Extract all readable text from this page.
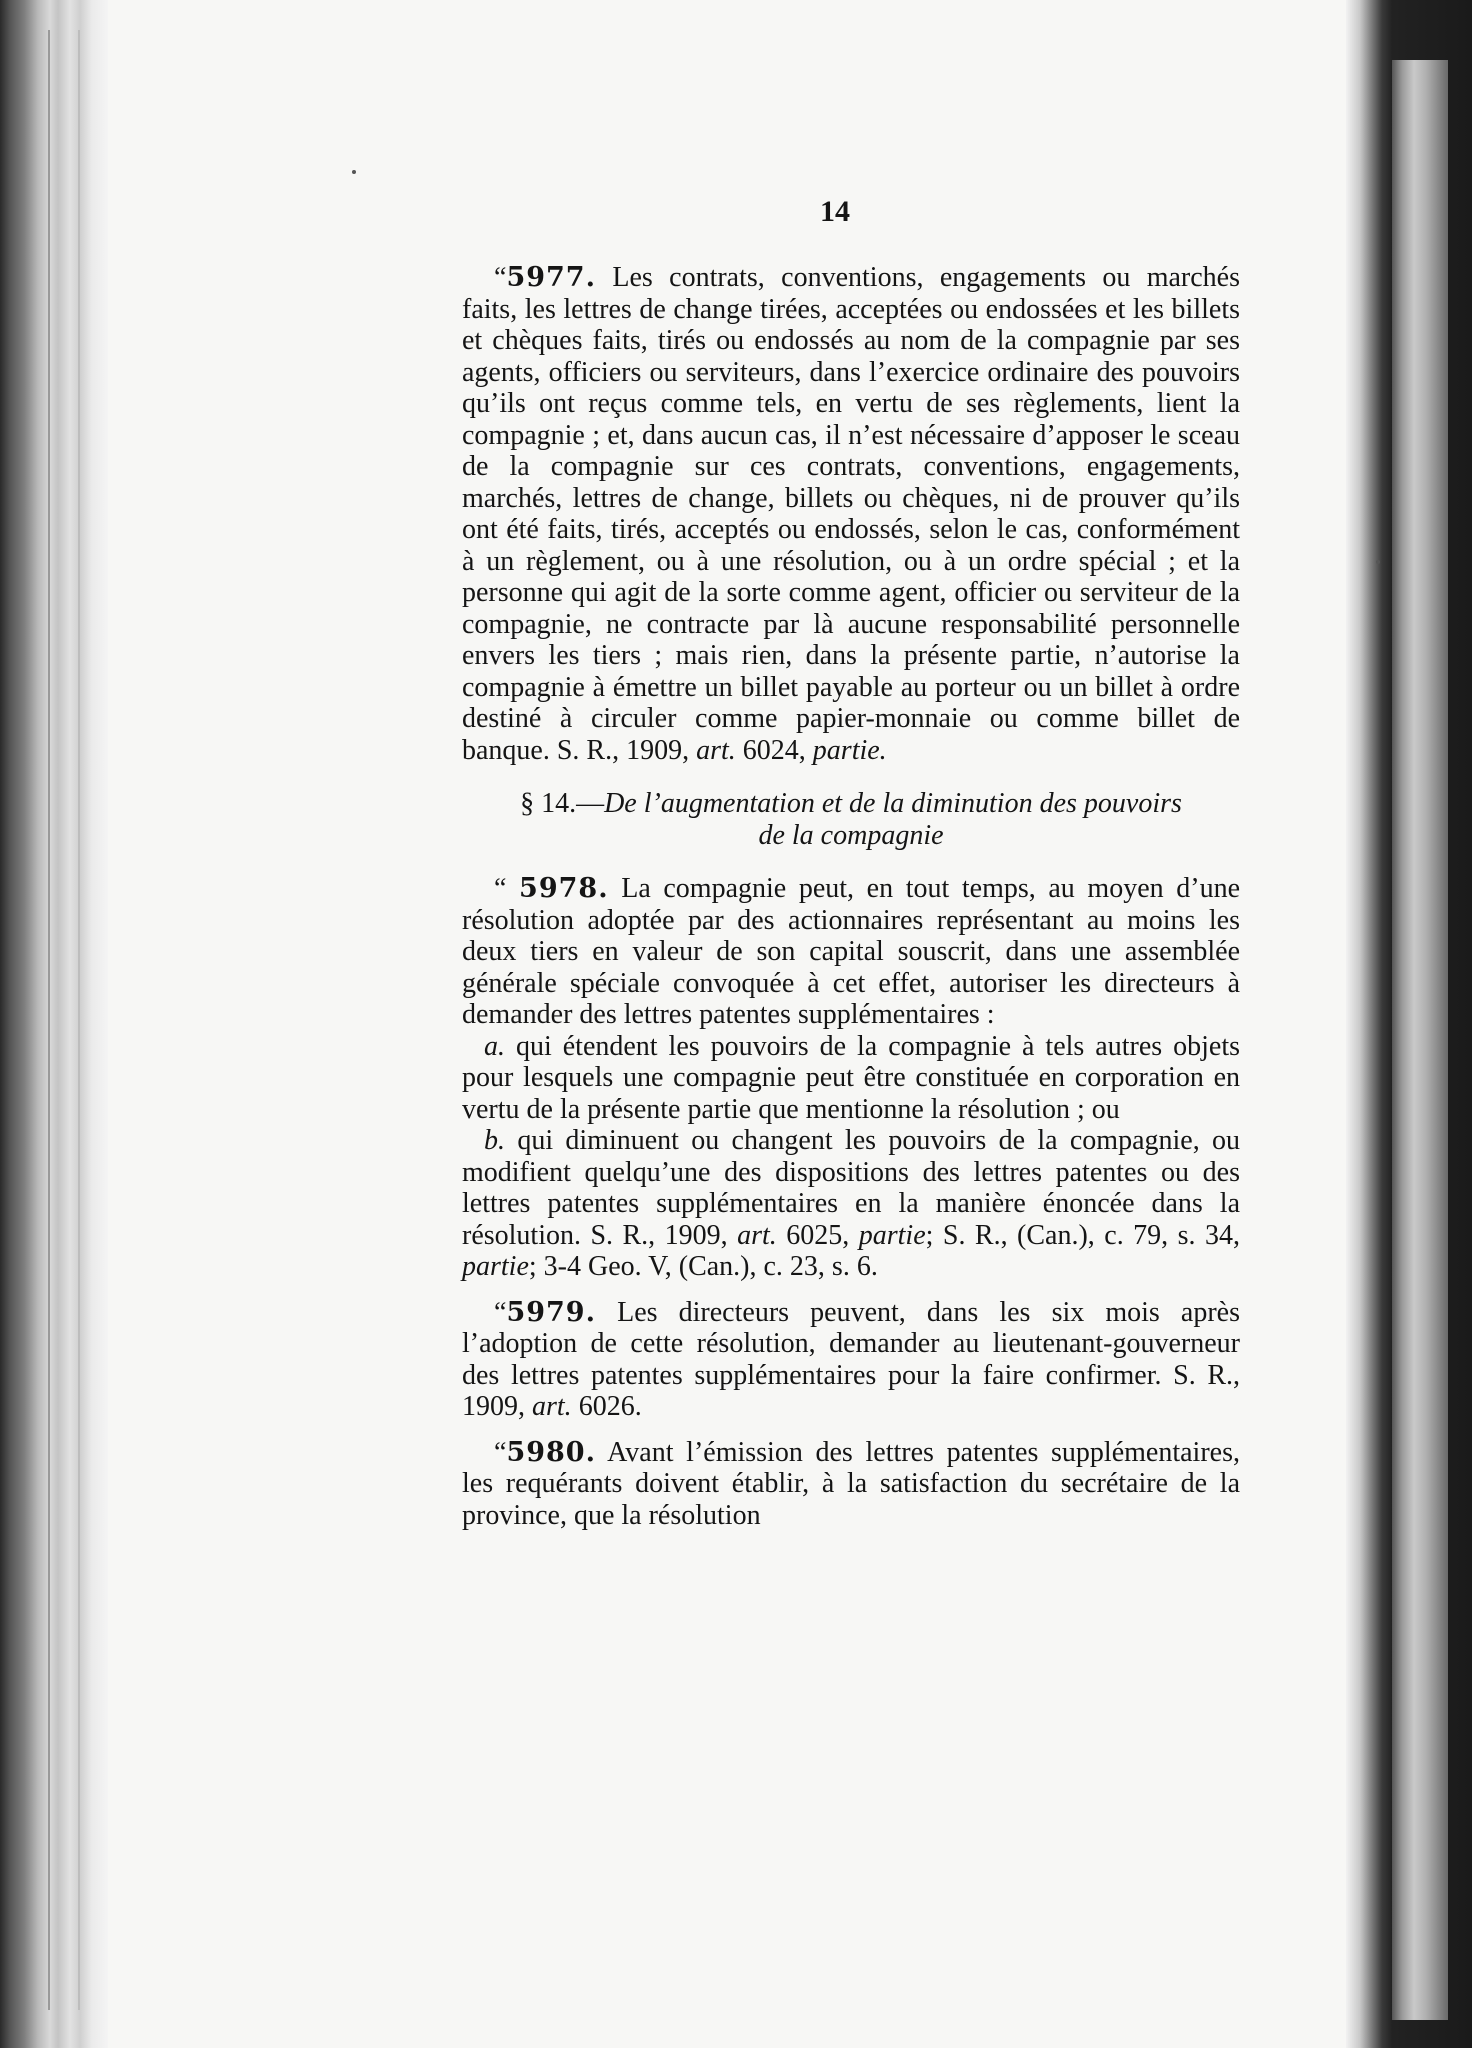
14

“5977. Les contrats, conventions, engagements ou marchés faits, les lettres de change tirées, acceptées ou endossées et les billets et chèques faits, tirés ou endossés au nom de la compagnie par ses agents, officiers ou serviteurs, dans l’exercice ordinaire des pouvoirs qu’ils ont reçus comme tels, en vertu de ses règlements, lient la compagnie ; et, dans aucun cas, il n’est nécessaire d’apposer le sceau de la compagnie sur ces contrats, conventions, engagements, marchés, lettres de change, billets ou chèques, ni de prouver qu’ils ont été faits, tirés, acceptés ou endossés, selon le cas, conformément à un règlement, ou à une résolution, ou à un ordre spécial ; et la personne qui agit de la sorte comme agent, officier ou serviteur de la compagnie, ne contracte par là aucune responsabilité personnelle envers les tiers ; mais rien, dans la présente partie, n’autorise la compagnie à émettre un billet payable au porteur ou un billet à ordre destiné à circuler comme papier-monnaie ou comme billet de banque. S. R., 1909, art. 6024, partie.

§ 14.—De l’augmentation et de la diminution des pouvoirs
de la compagnie

“ 5978. La compagnie peut, en tout temps, au moyen d’une résolution adoptée par des actionnaires représentant au moins les deux tiers en valeur de son capital souscrit, dans une assemblée générale spéciale convoquée à cet effet, autoriser les directeurs à demander des lettres patentes supplémentaires :

a. qui étendent les pouvoirs de la compagnie à tels autres objets pour lesquels une compagnie peut être constituée en corporation en vertu de la présente partie que mentionne la résolution ; ou

b. qui diminuent ou changent les pouvoirs de la compagnie, ou modifient quelqu’une des dispositions des lettres patentes ou des lettres patentes supplémentaires en la manière énoncée dans la résolution. S. R., 1909, art. 6025, partie; S. R., (Can.), c. 79, s. 34, partie; 3-4 Geo. V, (Can.), c. 23, s. 6.

“5979. Les directeurs peuvent, dans les six mois après l’adoption de cette résolution, demander au lieutenant-gouverneur des lettres patentes supplémentaires pour la faire confirmer. S. R., 1909, art. 6026.

“5980. Avant l’émission des lettres patentes supplémentaires, les requérants doivent établir, à la satisfaction du secrétaire de la province, que la résolution
